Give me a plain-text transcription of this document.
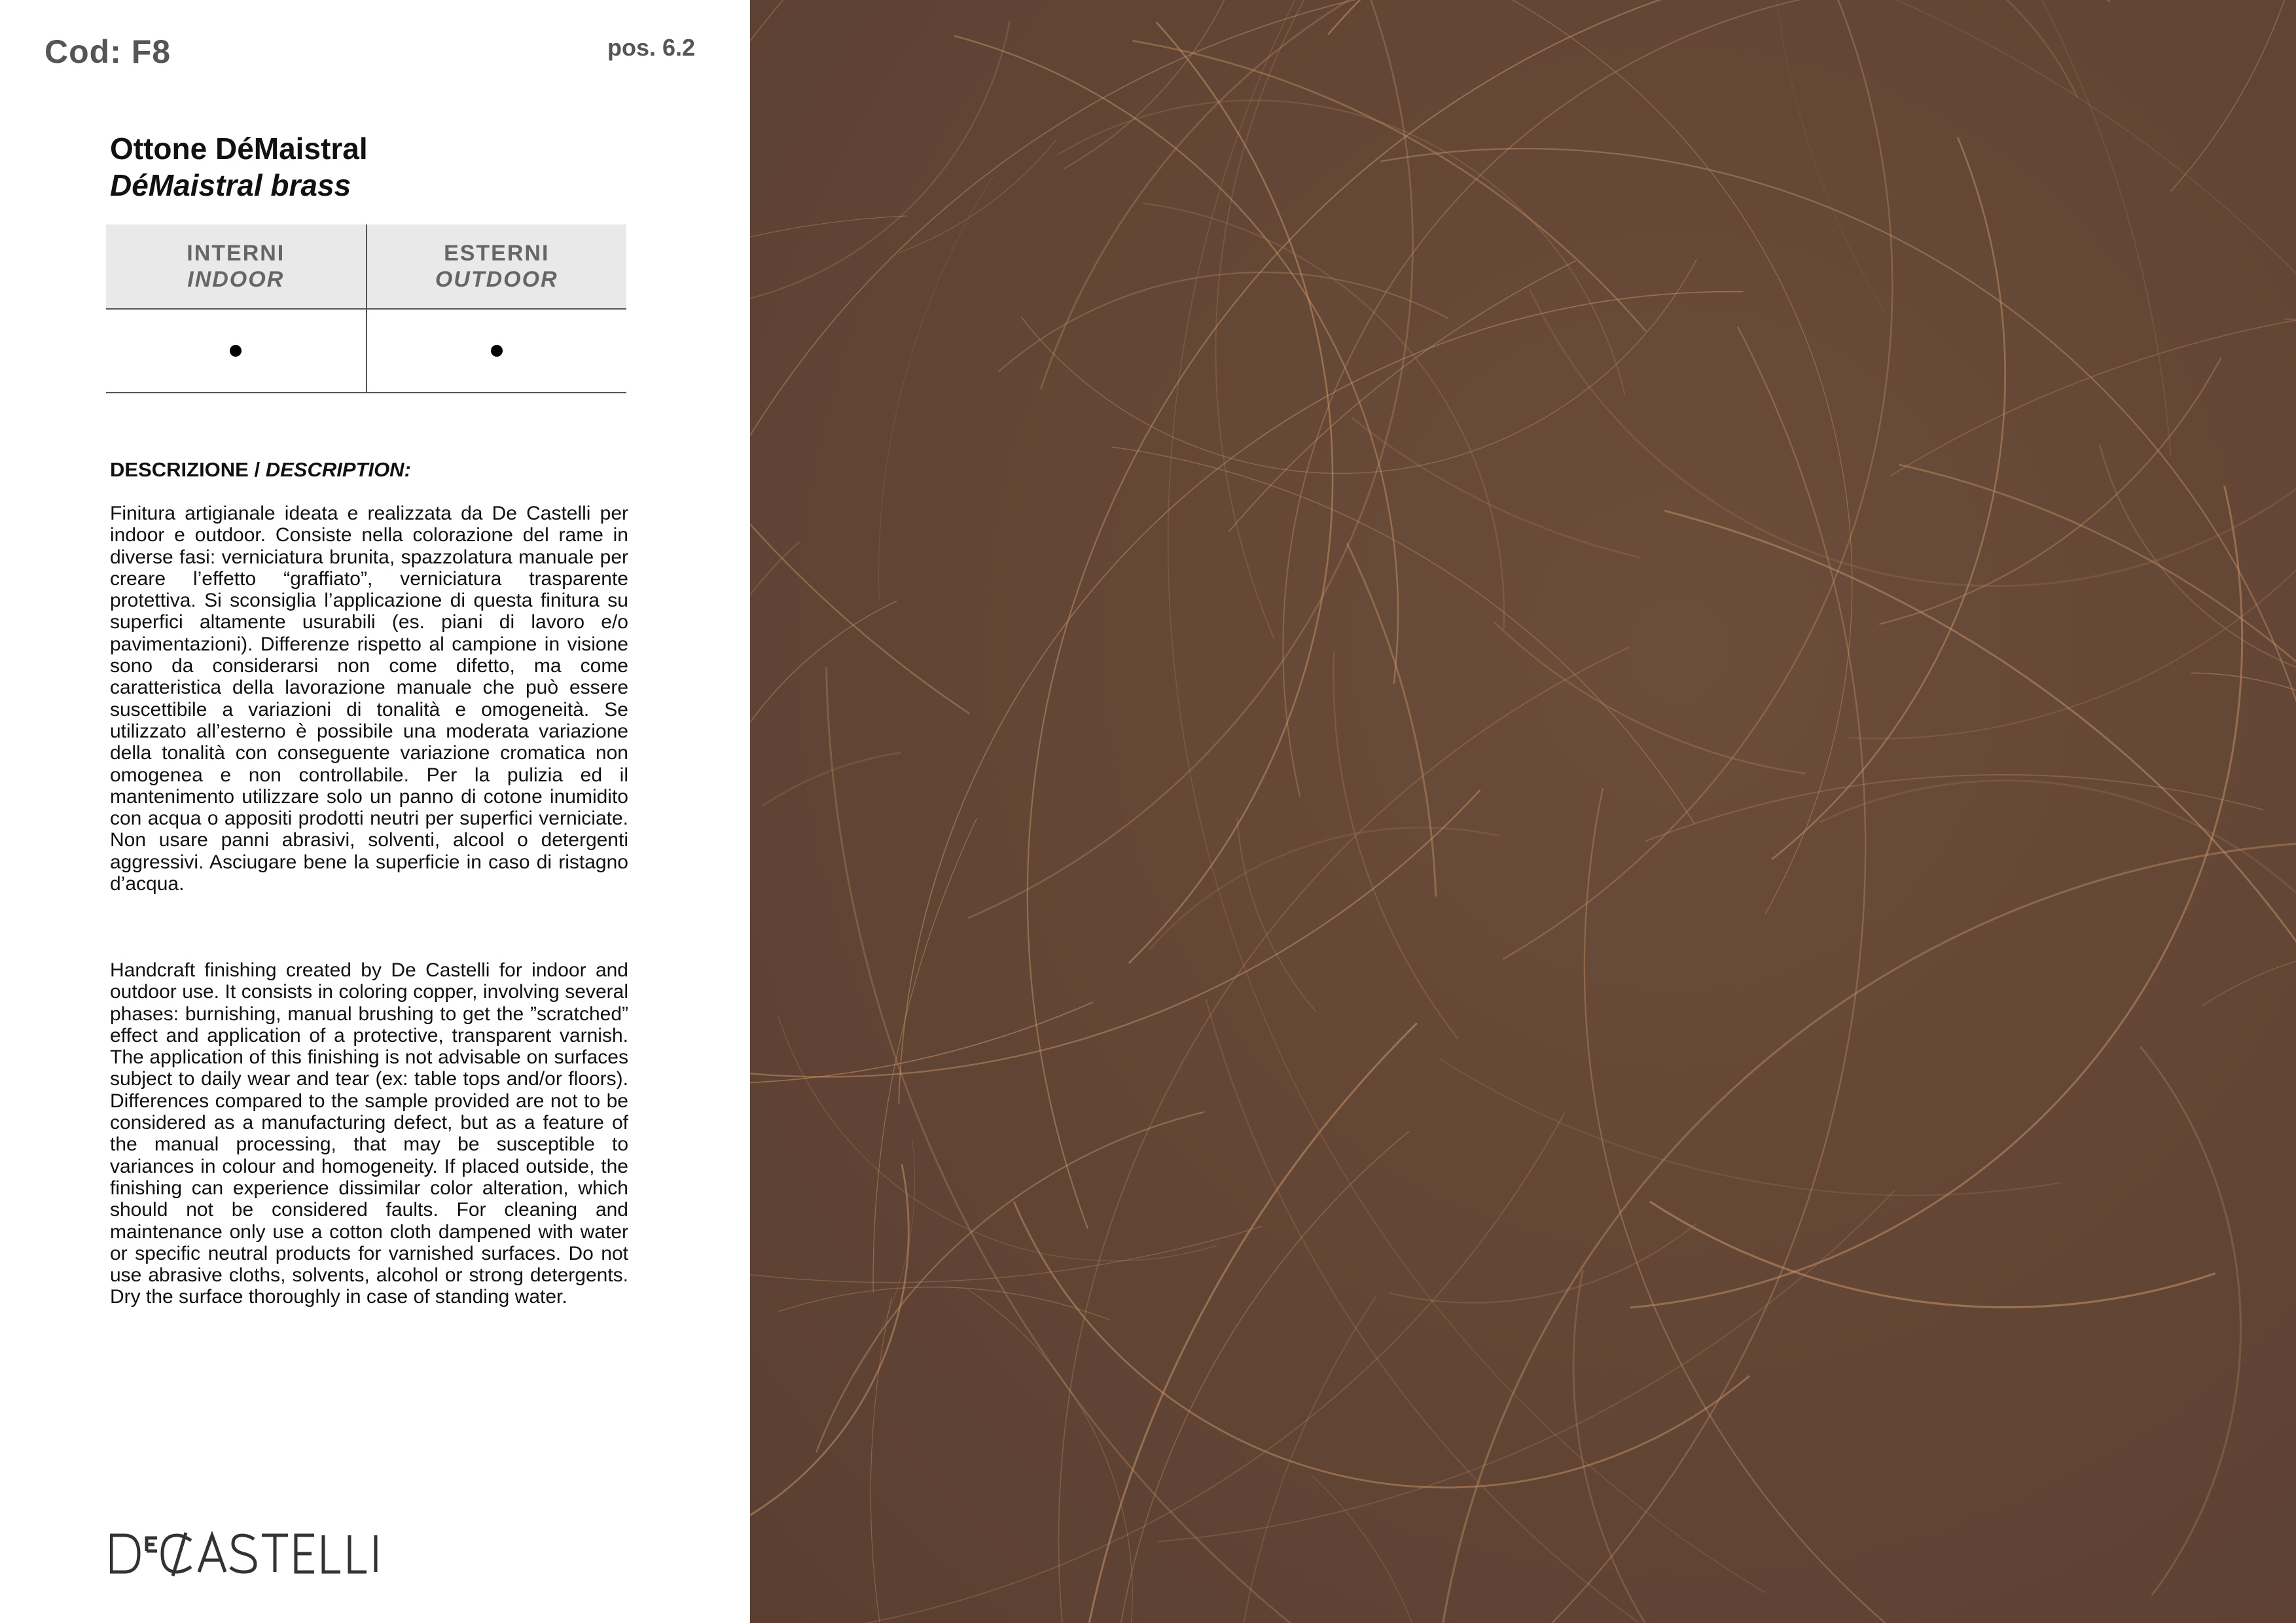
Cod: F8	pos. 6.2
Ottone DéMaistral
DéMaistral brass
INTERNI
INDOOR
ESTERNI
OUTDOOR
DESCRIZIONE / DESCRIPTION:

Finitura artigianale ideata e realizzata da De Castelli per indoor e outdoor. Consiste nella colorazione del rame in diverse fasi: verniciatura brunita, spazzolatura manuale per creare l’effetto “graffiato”, verniciatura trasparente protettiva. Si sconsiglia l’applicazione di questa finitura su superfici altamente usurabili (es. piani di lavoro e/o pavimentazioni). Differenze rispetto al campione in visione sono da considerarsi non come difetto, ma come caratteristica della lavorazione manuale che può essere suscettibile a variazioni di tonalità e omogeneità. Se utilizzato all’esterno è possibile una moderata variazione della tonalità con conseguente variazione cromatica non omogenea e non controllabile. Per la pulizia ed il mantenimento utilizzare solo un panno di cotone inumidito con acqua o appositi prodotti neutri per superfici verniciate. Non usare panni abrasivi, solventi, alcool o detergenti aggressivi. Asciugare bene la superficie in caso di ristagno d’acqua.

Handcraft finishing created by De Castelli for indoor and outdoor use. It consists in coloring copper, involving several phases: burnishing, manual brushing to get the ”scratched” effect and application of a protective, transparent varnish. The application of this finishing is not advisable on surfaces subject to daily wear and tear (ex: table tops and/or floors). Differences compared to the sample provided are not to be considered as a manufacturing defect, but as a feature of the manual processing, that may be susceptible to variances in colour and homogeneity. If placed outside, the finishing can experience dissimilar color alteration, which should not be considered faults. For cleaning and maintenance only use a cotton cloth dampened with water or specific neutral products for varnished surfaces. Do not use abrasive cloths, solvents, alcohol or strong detergents. Dry the surface thoroughly in case of standing water.
